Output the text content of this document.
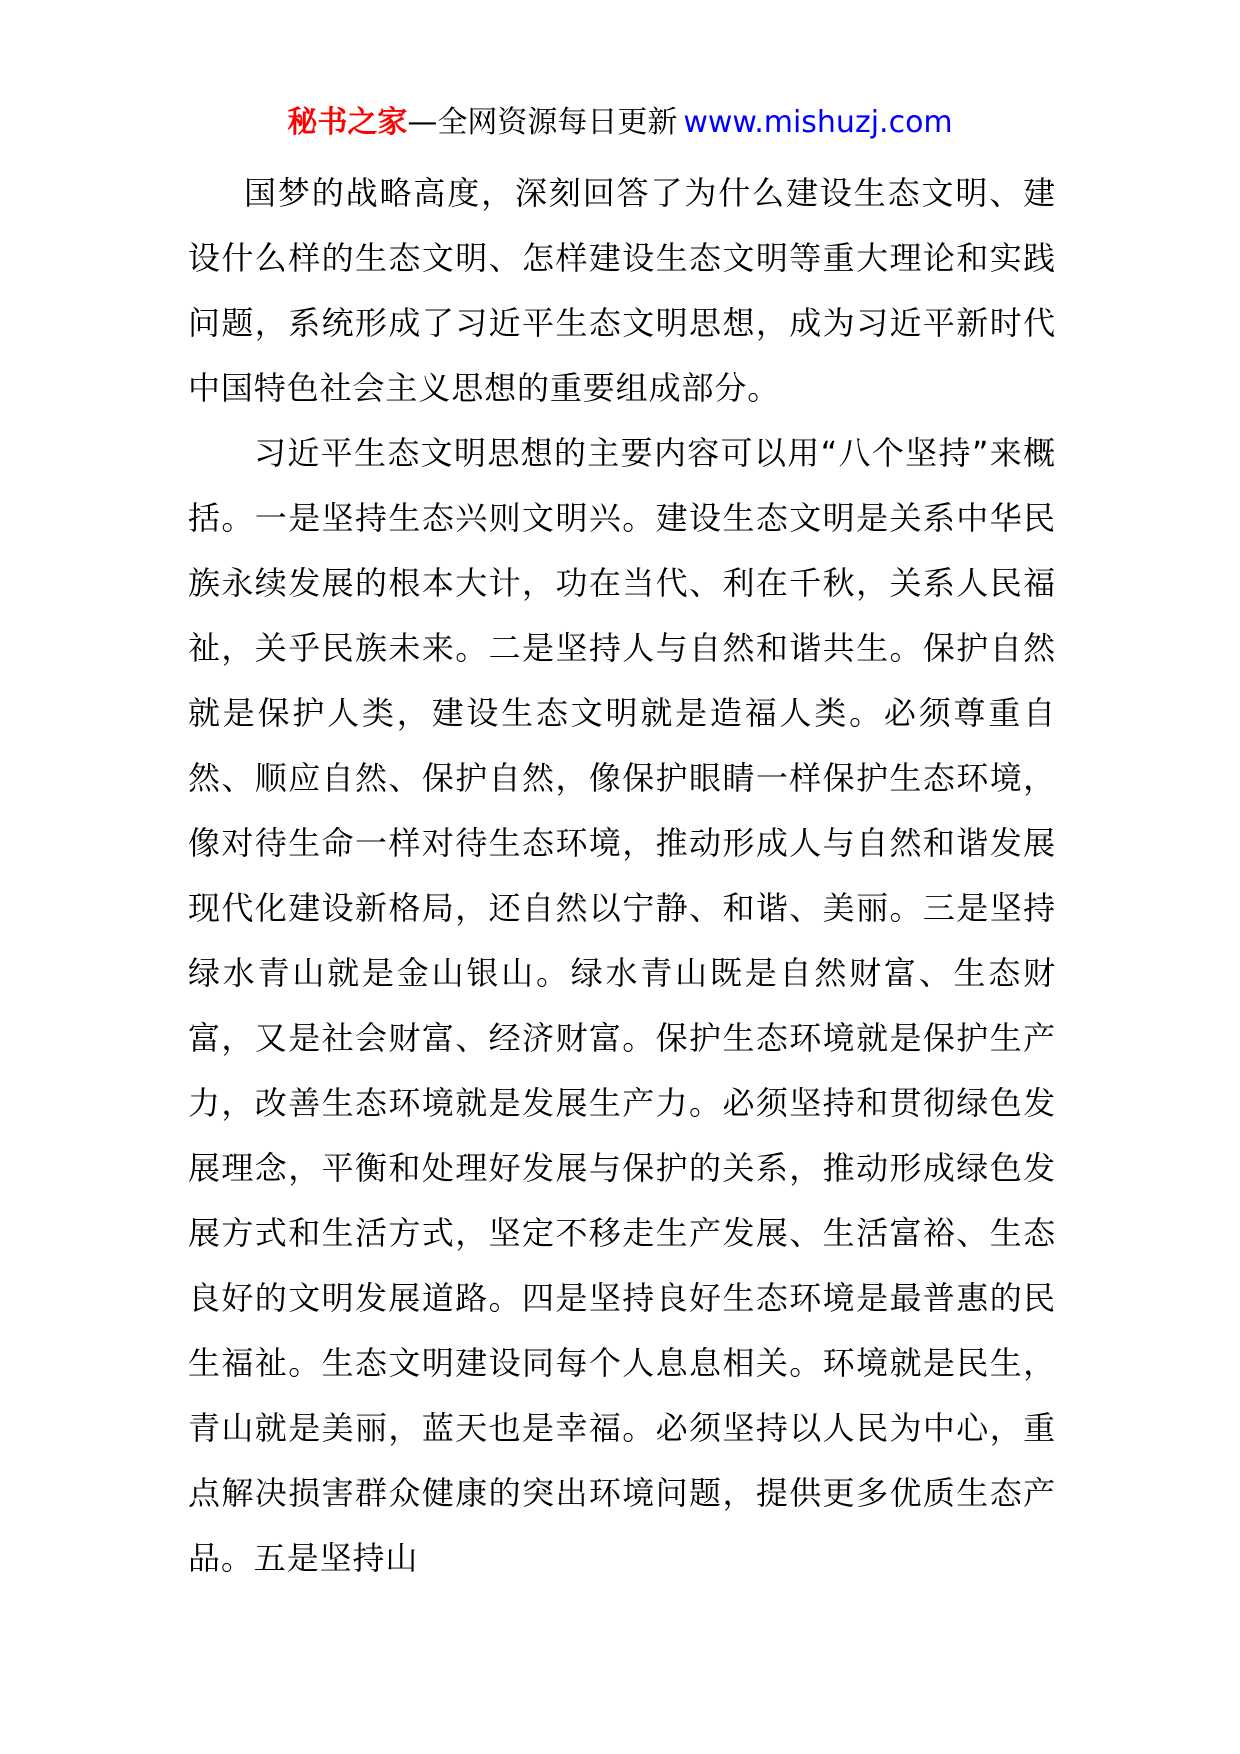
秘书之家—全网资源每日更新 www.mishuzj.com

国梦的战略高度，深刻回答了为什么建设生态文明、建设什么样的生态文明、怎样建设生态文明等重大理论和实践问题，系统形成了习近平生态文明思想，成为习近平新时代中国特色社会主义思想的重要组成部分。

习近平生态文明思想的主要内容可以用“八个坚持”来概括。一是坚持生态兴则文明兴。建设生态文明是关系中华民族永续发展的根本大计，功在当代、利在千秋，关系人民福祉，关乎民族未来。二是坚持人与自然和谐共生。保护自然就是保护人类，建设生态文明就是造福人类。必须尊重自然、顺应自然、保护自然，像保护眼睛一样保护生态环境，像对待生命一样对待生态环境，推动形成人与自然和谐发展现代化建设新格局，还自然以宁静、和谐、美丽。三是坚持绿水青山就是金山银山。绿水青山既是自然财富、生态财富，又是社会财富、经济财富。保护生态环境就是保护生产力，改善生态环境就是发展生产力。必须坚持和贯彻绿色发展理念，平衡和处理好发展与保护的关系，推动形成绿色发展方式和生活方式，坚定不移走生产发展、生活富裕、生态良好的文明发展道路。四是坚持良好生态环境是最普惠的民生福祉。生态文明建设同每个人息息相关。环境就是民生，青山就是美丽，蓝天也是幸福。必须坚持以人民为中心，重点解决损害群众健康的突出环境问题，提供更多优质生态产品。五是坚持山
